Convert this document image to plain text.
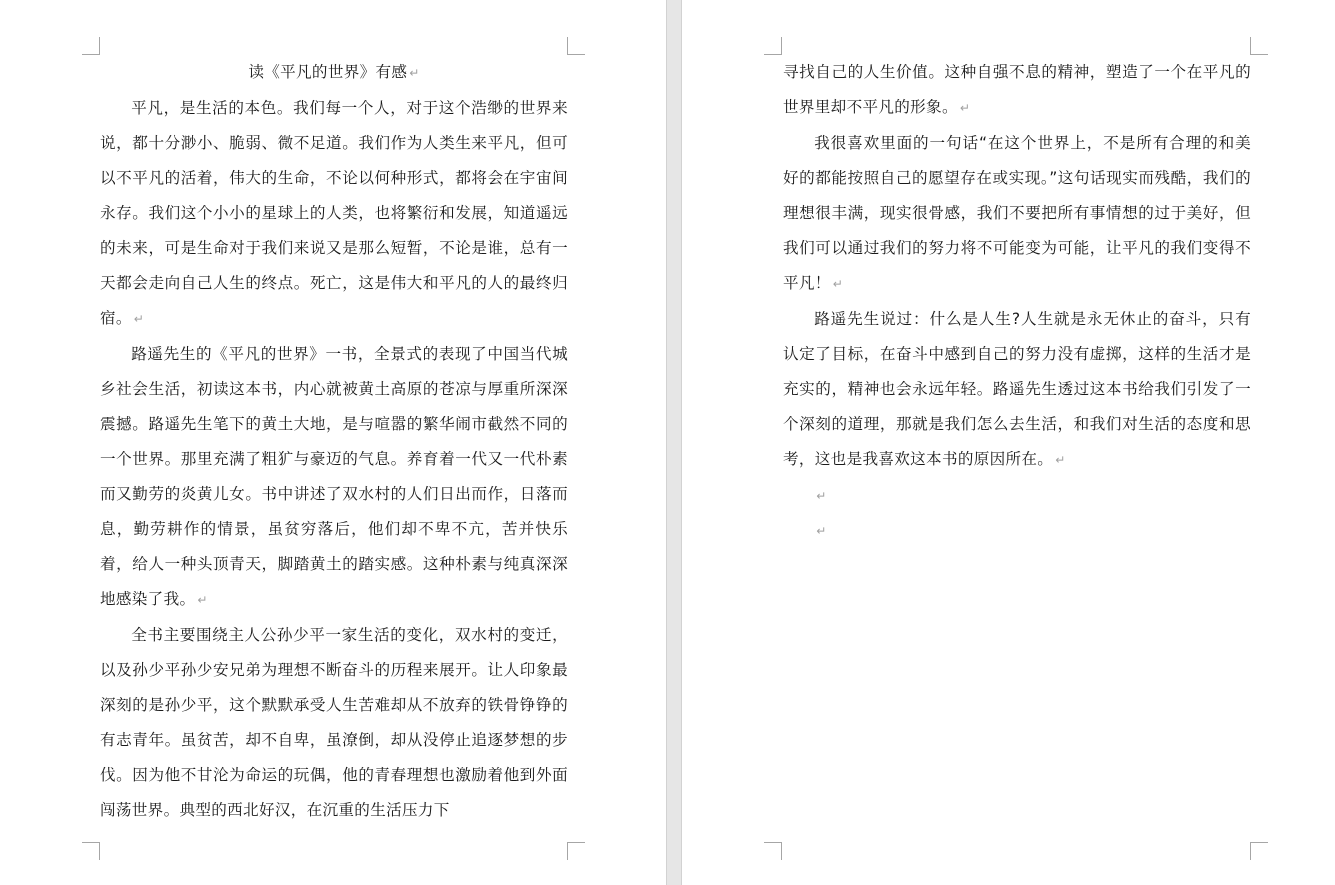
读《平凡的世界》有感 ↵

平凡，是生活的本色。我们每一个人，对于这个浩缈的世界来说，都十分渺小、脆弱、微不足道。我们作为人类生来平凡，但可以不平凡的活着，伟大的生命，不论以何种形式，都将会在宇宙间永存。我们这个小小的星球上的人类，也将繁衍和发展，知道遥远的未来，可是生命对于我们来说又是那么短暂，不论是谁，总有一天都会走向自己人生的终点。死亡，这是伟大和平凡的人的最终归宿。 ↵

路遥先生的《平凡的世界》一书，全景式的表现了中国当代城乡社会生活，初读这本书，内心就被黄土高原的苍凉与厚重所深深震撼。路遥先生笔下的黄土大地，是与喧嚣的繁华闹市截然不同的一个世界。那里充满了粗犷与豪迈的气息。养育着一代又一代朴素而又勤劳的炎黄儿女。书中讲述了双水村的人们日出而作，日落而息，勤劳耕作的情景，虽贫穷落后，他们却不卑不亢，苦并快乐着，给人一种头顶青天，脚踏黄土的踏实感。这种朴素与纯真深深地感染了我。 ↵

全书主要围绕主人公孙少平一家生活的变化，双水村的变迁，以及孙少平孙少安兄弟为理想不断奋斗的历程来展开。让人印象最深刻的是孙少平，这个默默承受人生苦难却从不放弃的铁骨铮铮的有志青年。虽贫苦，却不自卑，虽潦倒，却从没停止追逐梦想的步伐。因为他不甘沦为命运的玩偶，他的青春理想也激励着他到外面闯荡世界。典型的西北好汉，在沉重的生活压力下

寻找自己的人生价值。这种自强不息的精神，塑造了一个在平凡的世界里却不平凡的形象。 ↵

我很喜欢里面的一句话“在这个世界上，不是所有合理的和美好的都能按照自己的愿望存在或实现。”这句话现实而残酷，我们的理想很丰满，现实很骨感，我们不要把所有事情想的过于美好，但我们可以通过我们的努力将不可能变为可能，让平凡的我们变得不平凡！ ↵

路遥先生说过：什么是人生?人生就是永无休止的奋斗，只有认定了目标，在奋斗中感到自己的努力没有虚掷，这样的生活才是充实的，精神也会永远年轻。路遥先生透过这本书给我们引发了一个深刻的道理，那就是我们怎么去生活，和我们对生活的态度和思考，这也是我喜欢这本书的原因所在。 ↵

↵

↵
